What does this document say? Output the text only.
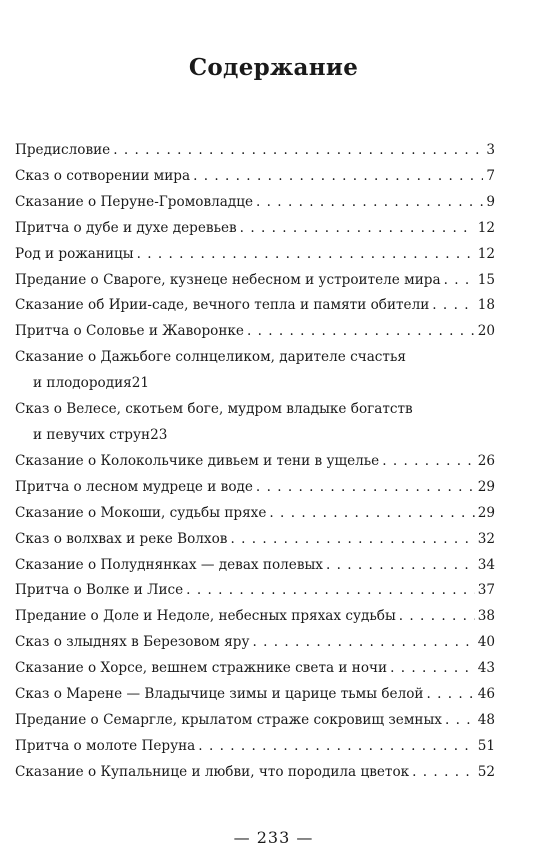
Содержание
Предисловие . . .	3
Сказ о сотворении мира . . .	7
Сказание о Перуне-Громовладце . . .	9
Притча о дубе и духе деревьев . . .	12
Род и рожаницы . . .	12
Предание о Свароге, кузнеце небесном и устроителе мира . . .	15
Сказание об Ирии-саде, вечного тепла и памяти обители . . .	18
Притча о Соловье и Жаворонке . . .	20
Сказание о Дажьбоге солнцеликом, дарителе счастья
и плодородия 21
Сказ о Велесе, скотьем боге, мудром владыке богатств
и певучих струн 23
Сказание о Колокольчике дивьем и тени в ущелье . . .	26
Притча о лесном мудреце и воде . . .	29
Сказание о Мокоши, судьбы пряхе . . .	29
Сказ о волхвах и реке Волхов . . .	32
Сказание о Полуднянках — девах полевых . . .	34
Притча о Волке и Лисе . . .	37
Предание о Доле и Недоле, небесных пряхах судьбы . . .	38
Сказ о злыднях в Березовом яру . . .	40
Сказание о Хорсе, вешнем стражнике света и ночи . . .	43
Сказ о Марене — Владычице зимы и царице тьмы белой . . .	46
Предание о Семаргле, крылатом страже сокровищ земных . . .	48
Притча о молоте Перуна . . .	51
Сказание о Купальнице и любви, что породила цветок . . .	52
— 233 —
